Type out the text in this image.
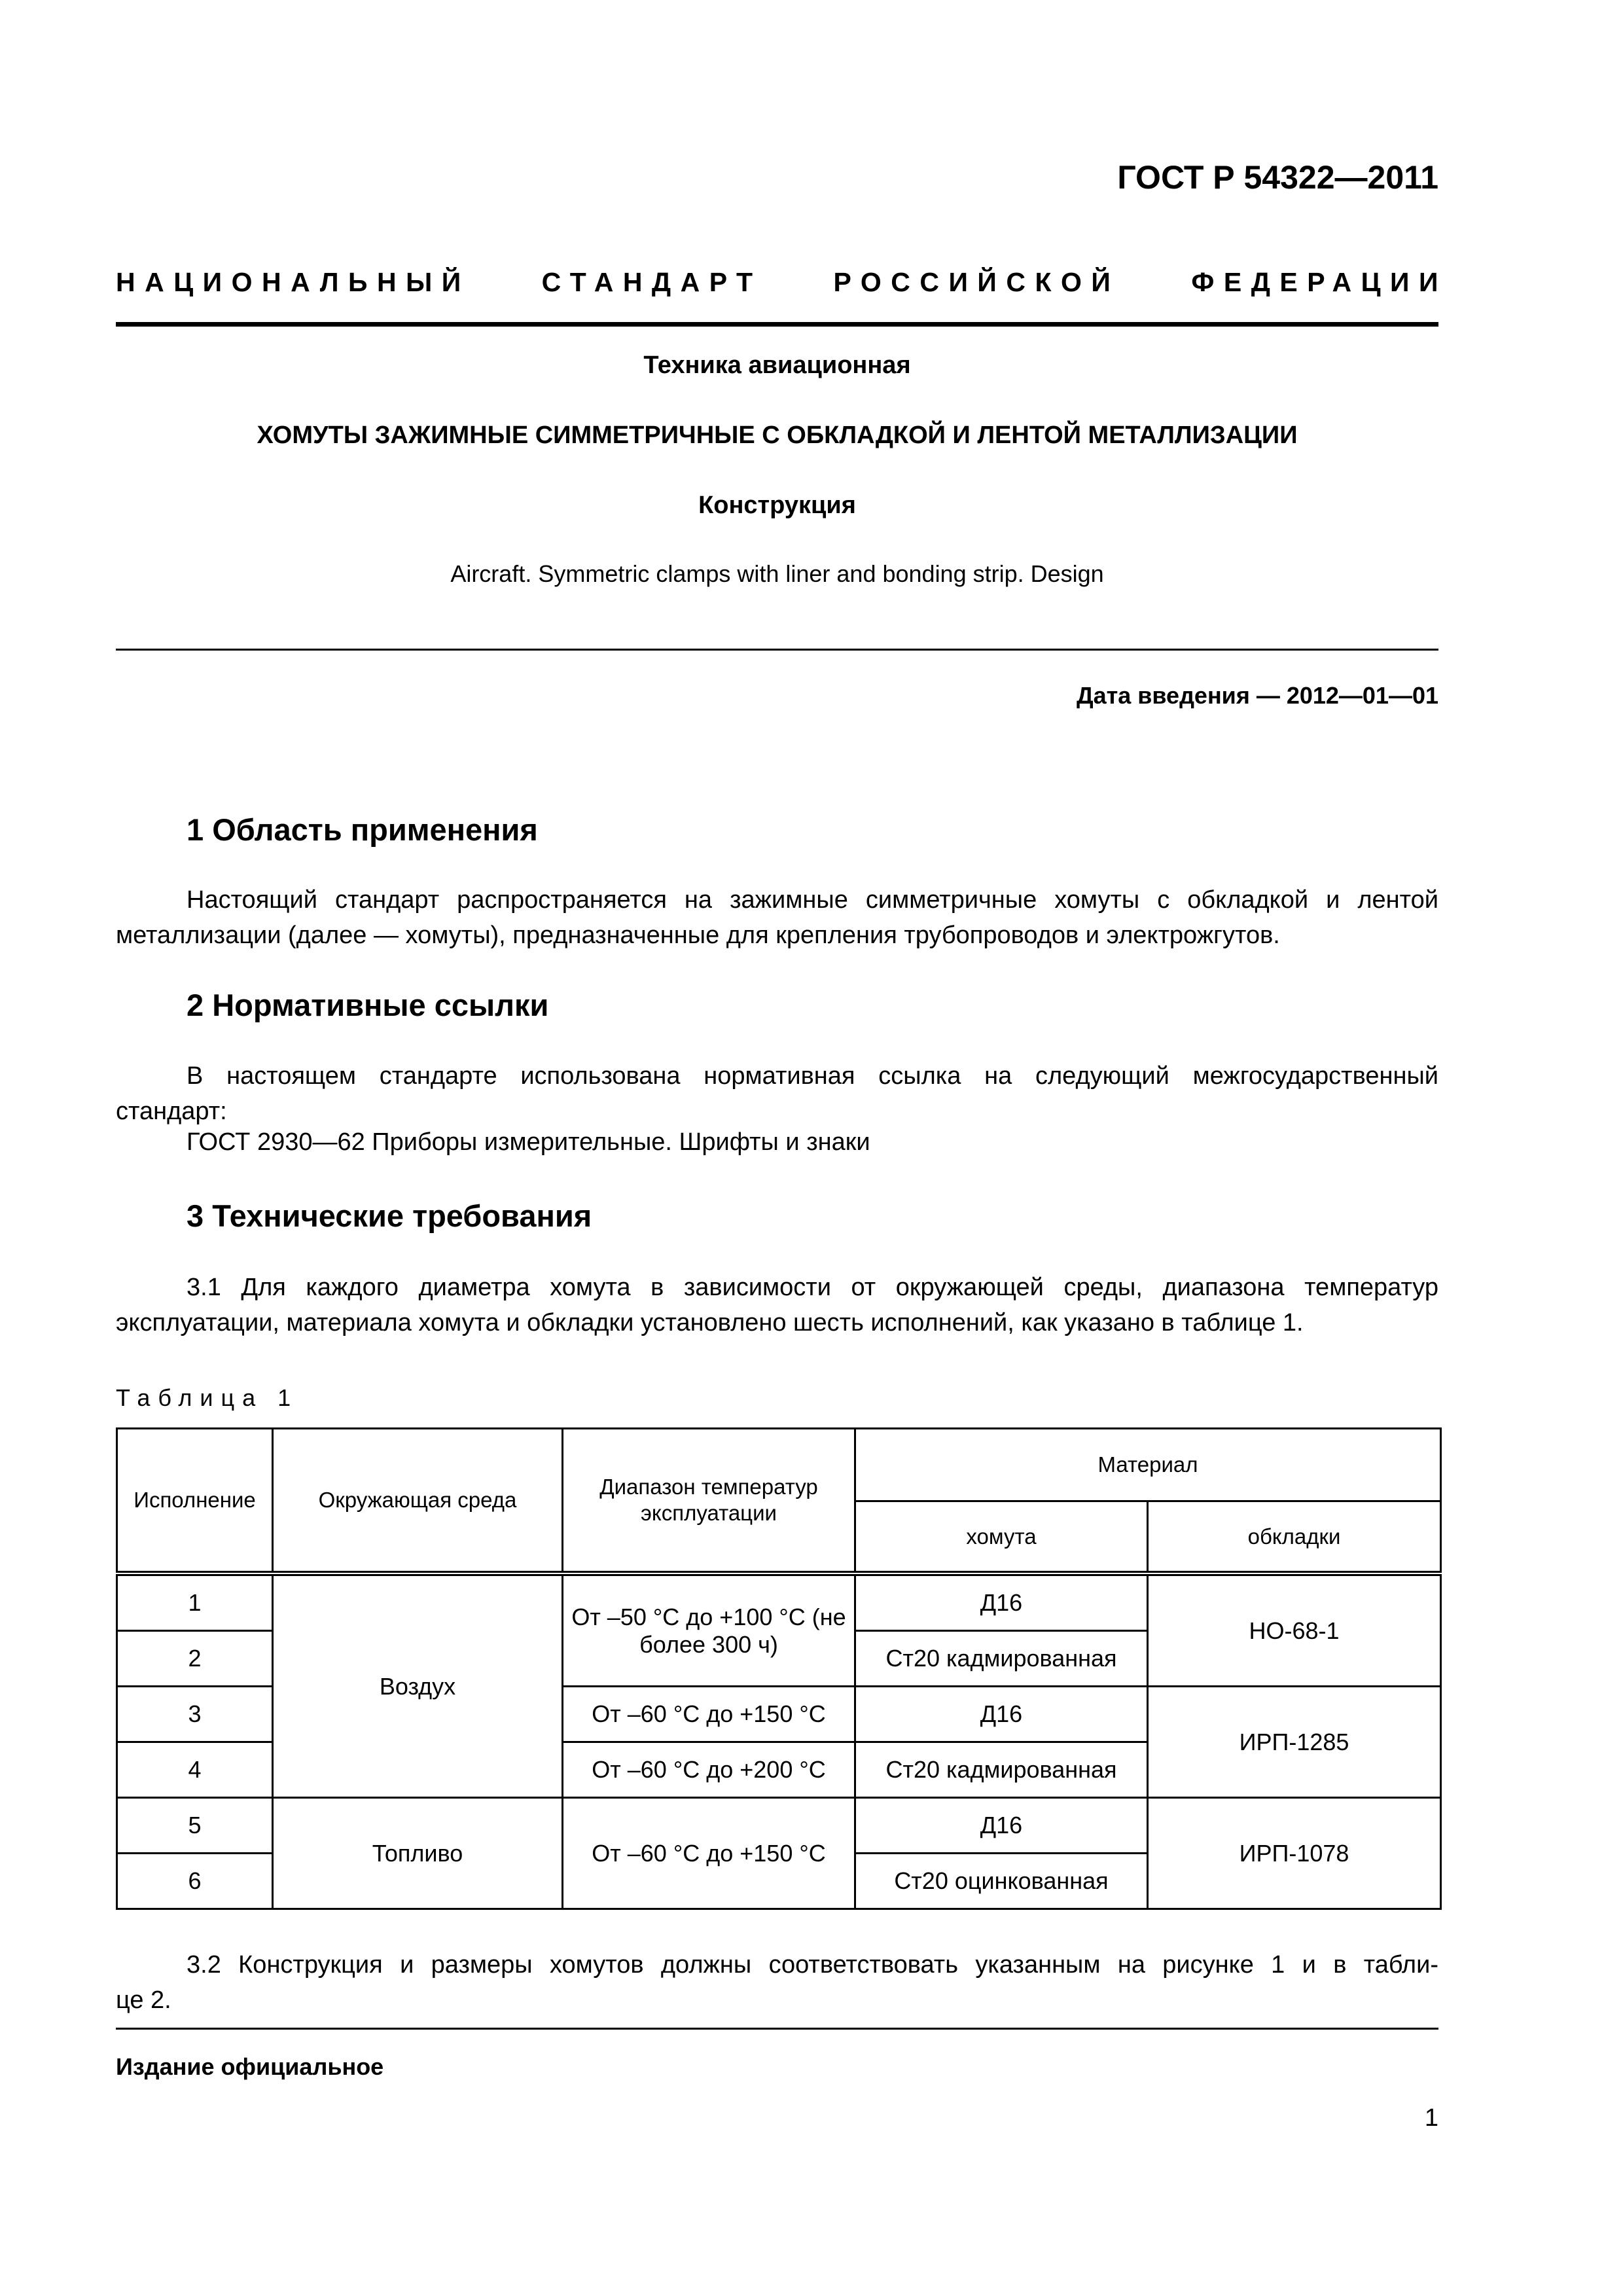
ГОСТ Р 54322—2011
НАЦИОНАЛЬНЫЙ	СТАНДАРТ	РОССИЙСКОЙ	ФЕДЕРАЦИИ
Техника авиационная
ХОМУТЫ ЗАЖИМНЫЕ СИММЕТРИЧНЫЕ С ОБКЛАДКОЙ И ЛЕНТОЙ МЕТАЛЛИЗАЦИИ
Конструкция
Aircraft. Symmetric clamps with liner and bonding strip. Design
Дата введения — 2012—01—01
1 Область применения
Настоящий стандарт распространяется на зажимные симметричные хомуты с обкладкой и лентой
металлизации (далее — хомуты), предназначенные для крепления трубопроводов и электрожгутов.
2 Нормативные ссылки
В настоящем стандарте использована нормативная ссылка на следующий межгосударственный
стандарт:
ГОСТ 2930—62 Приборы измерительные. Шрифты и знаки
3 Технические требования
3.1 Для каждого диаметра хомута в зависимости от окружающей среды, диапазона температур
эксплуатации, материала хомута и обкладки установлено шесть исполнений, как указано в таблице 1.
Таблица 1
Исполнение	Окружающая среда	Диапазон температур эксплуатации	Материал	
			хомута	обкладки
1	Воздух	От –50 °С до +100 °С (не более 300 ч)	Д16	НО-68-1
2			Ст20 кадмированная	
3		От –60 °С до +150 °С	Д16	ИРП-1285
4		От –60 °С до +200 °С	Ст20 кадмированная	
5	Топливо	От –60 °С до +150 °С	Д16	ИРП-1078
6			Ст20 оцинкованная	
3.2 Конструкция и размеры хомутов должны соответствовать указанным на рисунке 1 и в табли-
це 2.
Издание официальное
1
